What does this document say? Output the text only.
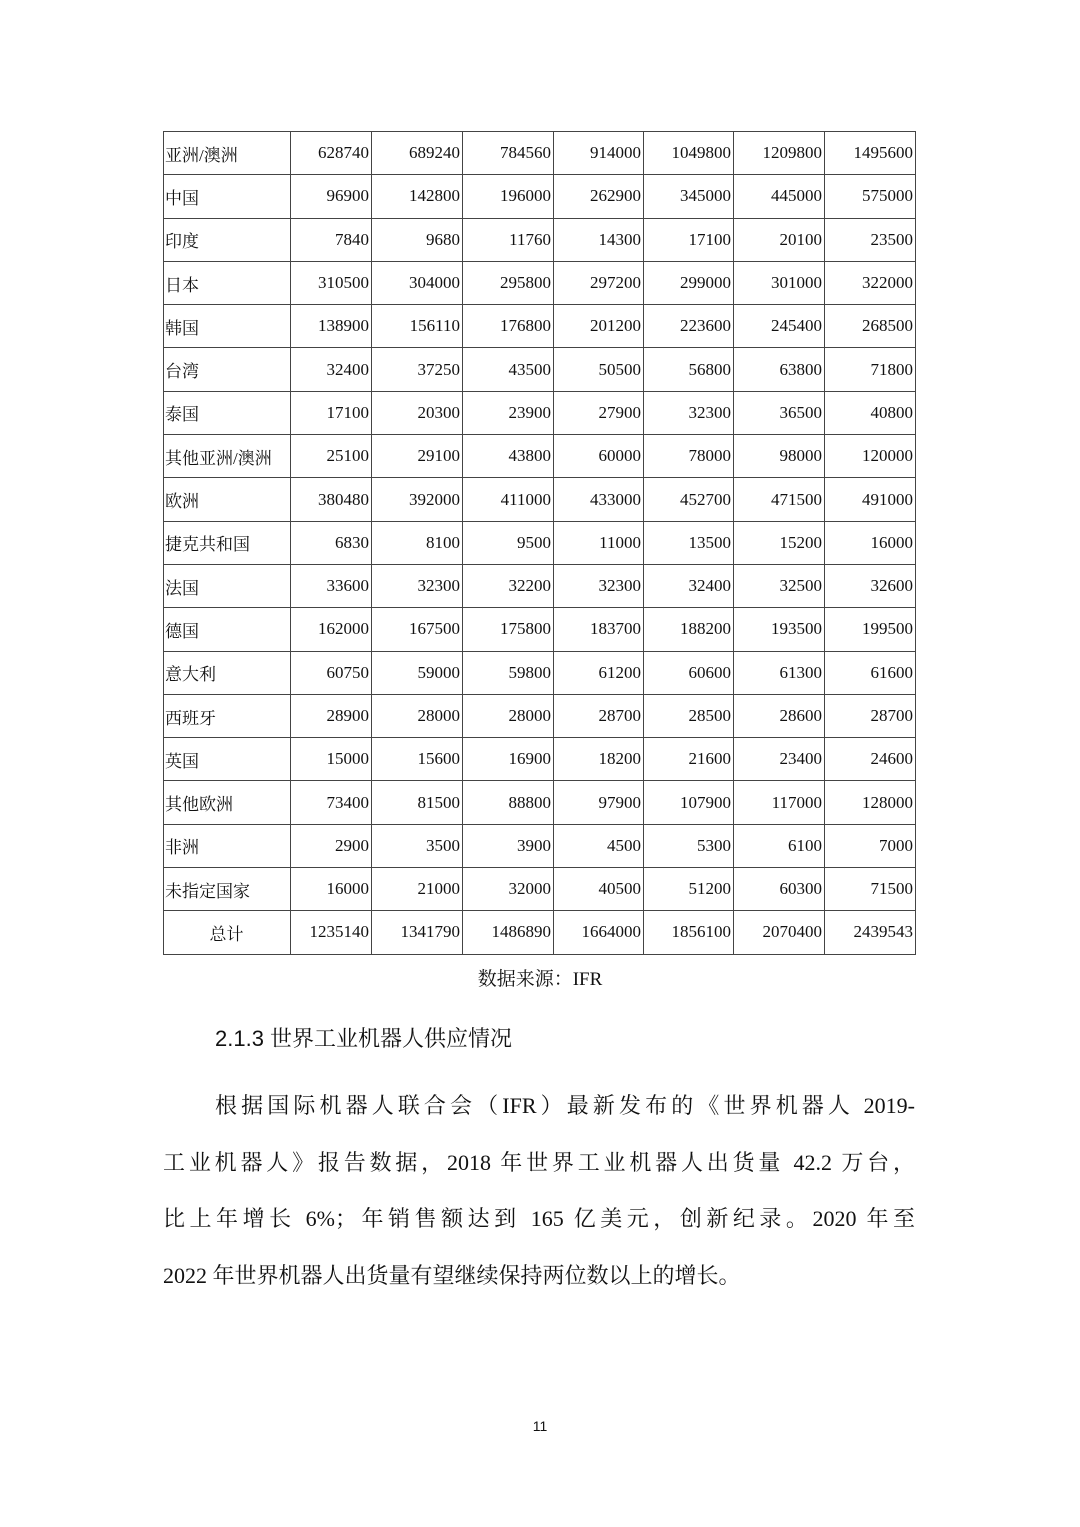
亚洲/澳洲	628740	689240	784560	914000	1049800	1209800	1495600
中国	96900	142800	196000	262900	345000	445000	575000
印度	7840	9680	11760	14300	17100	20100	23500
日本	310500	304000	295800	297200	299000	301000	322000
韩国	138900	156110	176800	201200	223600	245400	268500
台湾	32400	37250	43500	50500	56800	63800	71800
泰国	17100	20300	23900	27900	32300	36500	40800
其他亚洲/澳洲	25100	29100	43800	60000	78000	98000	120000
欧洲	380480	392000	411000	433000	452700	471500	491000
捷克共和国	6830	8100	9500	11000	13500	15200	16000
法国	33600	32300	32200	32300	32400	32500	32600
德国	162000	167500	175800	183700	188200	193500	199500
意大利	60750	59000	59800	61200	60600	61300	61600
西班牙	28900	28000	28000	28700	28500	28600	28700
英国	15000	15600	16900	18200	21600	23400	24600
其他欧洲	73400	81500	88800	97900	107900	117000	128000
非洲	2900	3500	3900	4500	5300	6100	7000
未指定国家	16000	21000	32000	40500	51200	60300	71500
总计	1235140	1341790	1486890	1664000	1856100	2070400	2439543
数据来源：IFR
2.1.3 世界工业机器人供应情况
根据国际机器人联合会（IFR）最新发布的《世界机器人 2019-
工业机器人》报告数据，2018 年世界工业机器人出货量 42.2 万台，
比上年增长 6%；年销售额达到 165 亿美元，创新纪录。2020 年至
2022 年世界机器人出货量有望继续保持两位数以上的增长。
11
